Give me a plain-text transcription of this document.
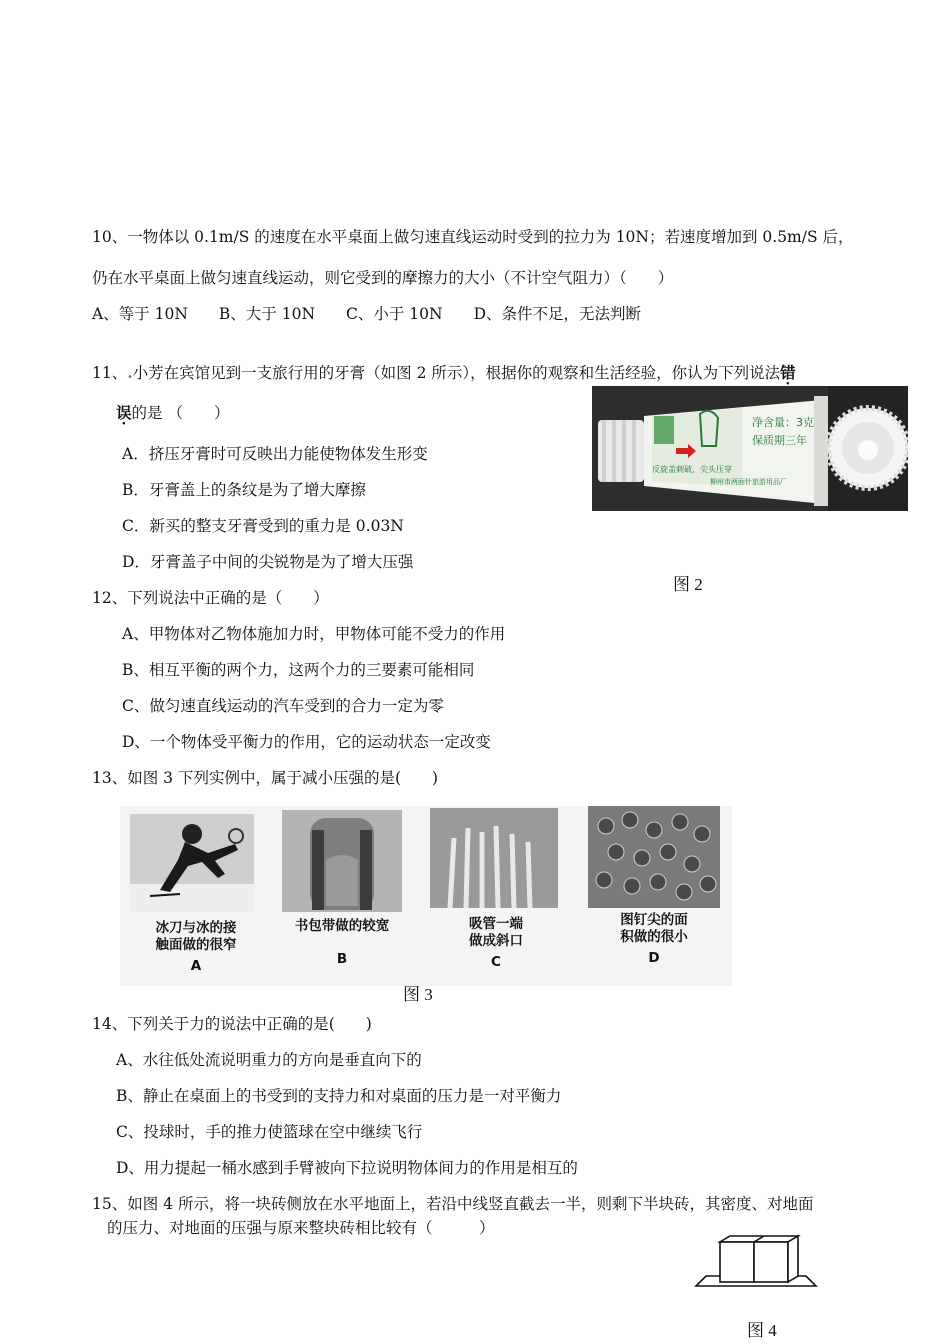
10、一物体以 0.1m/S 的速度在水平桌面上做匀速直线运动时受到的拉力为 10N；若速度增加到 0.5m/S 后，
仍在水平桌面上做匀速直线运动，则它受到的摩擦力的大小（不计空气阻力）（　　）
A、等于 10N　　B、大于 10N　　C、小于 10N　　D、条件不足，无法判断
11、.小芳在宾馆见到一支旅行用的牙膏（如图 2 所示），根据你的观察和生活经验，你认为下列说法错
误的是 （　　）
A．挤压牙膏时可反映出力能使物体发生形变
B．牙膏盖上的条纹是为了增大摩擦
C．新买的整支牙膏受到的重力是 0.03N
D．牙膏盖子中间的尖锐物是为了增大压强
净含量：3克
保质期三年
反旋盖刺破，尖头压穿
柳州市两面针旅游用品厂
图 2
12、下列说法中正确的是（　　）
A、甲物体对乙物体施加力时，甲物体可能不受力的作用
B、相互平衡的两个力，这两个力的三要素可能相同
C、做匀速直线运动的汽车受到的合力一定为零
D、一个物体受平衡力的作用，它的运动状态一定改变
13、如图 3 下列实例中，属于减小压强的是(　　)
冰刀与冰的接
触面做的很窄
A
书包带做的较宽
B
吸管一端
做成斜口
C
图钉尖的面
积做的很小
D
图 3
14、下列关于力的说法中正确的是(　　)
A、水往低处流说明重力的方向是垂直向下的
B、静止在桌面上的书受到的支持力和对桌面的压力是一对平衡力
C、投球时，手的推力使篮球在空中继续飞行
D、用力提起一桶水感到手臂被向下拉说明物体间力的作用是相互的
15、如图 4 所示，将一块砖侧放在水平地面上，若沿中线竖直截去一半，则剩下半块砖，其密度、对地面
的压力、对地面的压强与原来整块砖相比较有（　　　）
图 4
